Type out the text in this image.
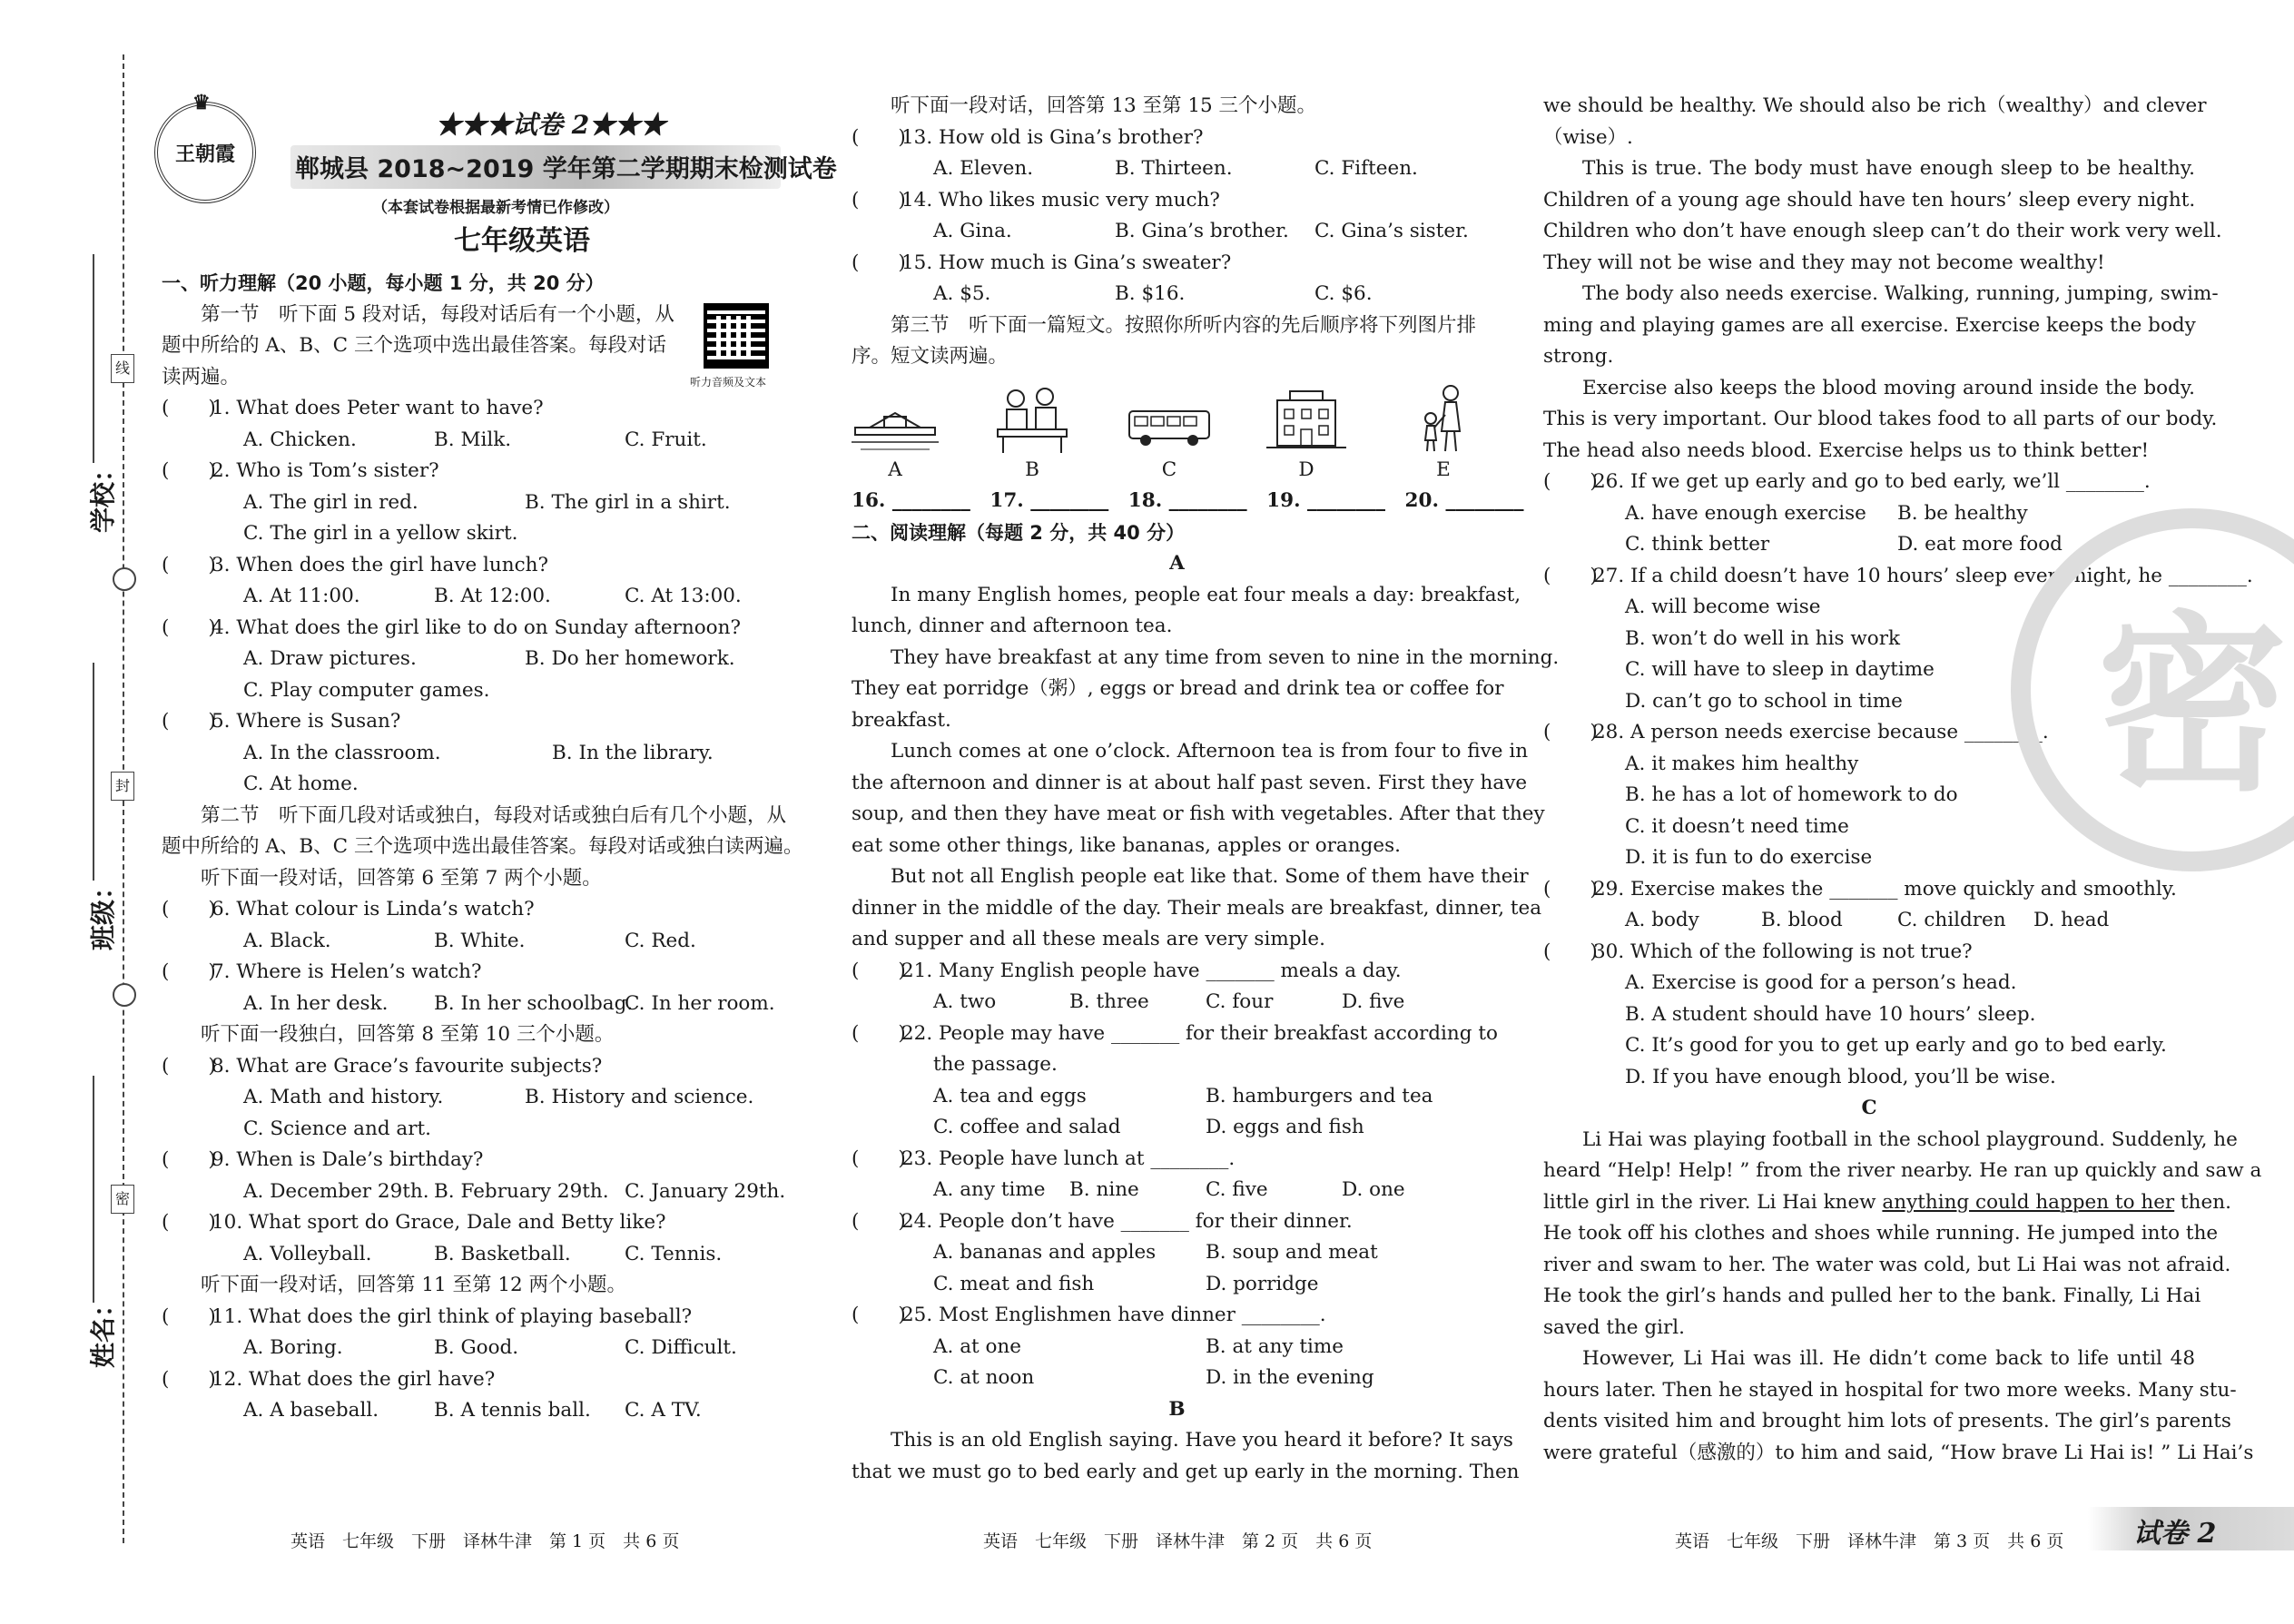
学校：
班级：
姓名：
线
封
密
♛
王朝霞
★★★试卷 2★★★
郸城县 2018~2019 学年第二学期期末检测试卷
（本套试卷根据最新考情已作修改）
七年级英语
听力音频及文本
一、听力理解（20 小题，每小题 1 分，共 20 分）
第一节　听下面 5 段对话，每段对话后有一个小题，从
题中所给的 A、B、C 三个选项中选出最佳答案。每段对话
读两遍。
(　　)
1. What does Peter want to have?
A. Chicken.	B. Milk.	C. Fruit.
(　　)
2. Who is Tom’s sister?
A. The girl in red.	B. The girl in a shirt.
C. The girl in a yellow skirt.
(　　)
3. When does the girl have lunch?
A. At 11:00.	B. At 12:00.	C. At 13:00.
(　　)
4. What does the girl like to do on Sunday afternoon?
A. Draw pictures.	B. Do her homework.
C. Play computer games.
(　　)
5. Where is Susan?
A. In the classroom.	B. In the library.
C. At home.
第二节　听下面几段对话或独白，每段对话或独白后有几个小题，从
题中所给的 A、B、C 三个选项中选出最佳答案。每段对话或独白读两遍。
听下面一段对话，回答第 6 至第 7 两个小题。
(　　)
6. What colour is Linda’s watch?
A. Black.	B. White.	C. Red.
(　　)
7. Where is Helen’s watch?
A. In her desk.	B. In her schoolbag.
C. In her room.
听下面一段独白，回答第 8 至第 10 三个小题。
(　　)
8. What are Grace’s favourite subjects?
A. Math and history.	B. History and science.
C. Science and art.
(　　)
9. When is Dale’s birthday?
A. December 29th. B. February 29th. C. January 29th.
(　　)
10. What sport do Grace, Dale and Betty like?
A. Volleyball.	B. Basketball.	C. Tennis.
听下面一段对话，回答第 11 至第 12 两个小题。
(　　)
11. What does the girl think of playing baseball?
A. Boring.	B. Good.	C. Difficult.
(　　)
12. What does the girl have?
A. A baseball.	B. A tennis ball.	C. A TV.
听下面一段对话，回答第 13 至第 15 三个小题。
(　　)
13. How old is Gina’s brother?
A. Eleven.	B. Thirteen.	C. Fifteen.
(　　)
14. Who likes music very much?
A. Gina.	B. Gina’s brother.	C. Gina’s sister.
(　　)
15. How much is Gina’s sweater?
A. $5.	B. $16.	C. $6.
第三节　听下面一篇短文。按照你所听内容的先后顺序将下列图片排
序。短文读两遍。
A	B	C	D	E
16. ________　17. ________　18. ________　19. ________　20. ________
二、阅读理解（每题 2 分，共 40 分）
A
In many English homes, people eat four meals a day: breakfast,
lunch, dinner and afternoon tea.
They have breakfast at any time from seven to nine in the morning.
They eat porridge（粥）, eggs or bread and drink tea or coffee for
breakfast.
Lunch comes at one o’clock. Afternoon tea is from four to five in
the afternoon and dinner is at about half past seven. First they have
soup, and then they have meat or fish with vegetables. After that they
eat some other things, like bananas, apples or oranges.
But not all English people eat like that. Some of them have their
dinner in the middle of the day. Their meals are breakfast, dinner, tea
and supper and all these meals are very simple.
(　　)
21. Many English people have _______ meals a day.
A. two	B. three	C. four	D. five
(　　)
22. People may have _______ for their breakfast according to
the passage.
A. tea and eggs	B. hamburgers and tea
C. coffee and salad	D. eggs and fish
(　　)
23. People have lunch at ________.
A. any time	B. nine	C. five	D. one
(　　)
24. People don’t have _______ for their dinner.
A. bananas and apples	B. soup and meat
C. meat and fish	D. porridge
(　　)
25. Most Englishmen have dinner ________.
A. at one	B. at any time
C. at noon	D. in the evening
B
This is an old English saying. Have you heard it before? It says
that we must go to bed early and get up early in the morning. Then
we should be healthy. We should also be rich（wealthy）and clever
（wise）.
This is true. The body must have enough sleep to be healthy.
Children of a young age should have ten hours’ sleep every night.
Children who don’t have enough sleep can’t do their work very well.
They will not be wise and they may not become wealthy!
The body also needs exercise. Walking, running, jumping, swim-
ming and playing games are all exercise. Exercise keeps the body
strong.
Exercise also keeps the blood moving around inside the body.
This is very important. Our blood takes food to all parts of our body.
The head also needs blood. Exercise helps us to think better!
(　　)
26. If we get up early and go to bed early, we’ll ________.
A. have enough exercise	B. be healthy
C. think better	D. eat more food
(　　)
27. If a child doesn’t have 10 hours’ sleep every night, he ________.
A. will become wise
B. won’t do well in his work
C. will have to sleep in daytime
D. can’t go to school in time
(　　)
28. A person needs exercise because ________.
A. it makes him healthy
B. he has a lot of homework to do
C. it doesn’t need time
D. it is fun to do exercise
(　　)
29. Exercise makes the _______ move quickly and smoothly.
A. body	B. blood	C. children	D. head
(　　)
30. Which of the following is not true?
A. Exercise is good for a person’s head.
B. A student should have 10 hours’ sleep.
C. It’s good for you to get up early and go to bed early.
D. If you have enough blood, you’ll be wise.
C
Li Hai was playing football in the school playground. Suddenly, he
heard “Help! Help! ” from the river nearby. He ran up quickly and saw a
little girl in the river. Li Hai knew anything could happen to her then.
He took off his clothes and shoes while running. He jumped into the
river and swam to her. The water was cold, but Li Hai was not afraid.
He took the girl’s hands and pulled her to the bank. Finally, Li Hai
saved the girl.
However, Li Hai was ill. He didn’t come back to life until 48
hours later. Then he stayed in hospital for two more weeks. Many stu-
dents visited him and brought him lots of presents. The girl’s parents
were grateful（感激的）to him and said, “How brave Li Hai is! ” Li Hai’s
密
英语　七年级　下册　译林牛津　第 1 页　共 6 页	英语　七年级　下册　译林牛津　第 2 页　共 6 页	英语　七年级　下册　译林牛津　第 3 页　共 6 页	试卷 2
